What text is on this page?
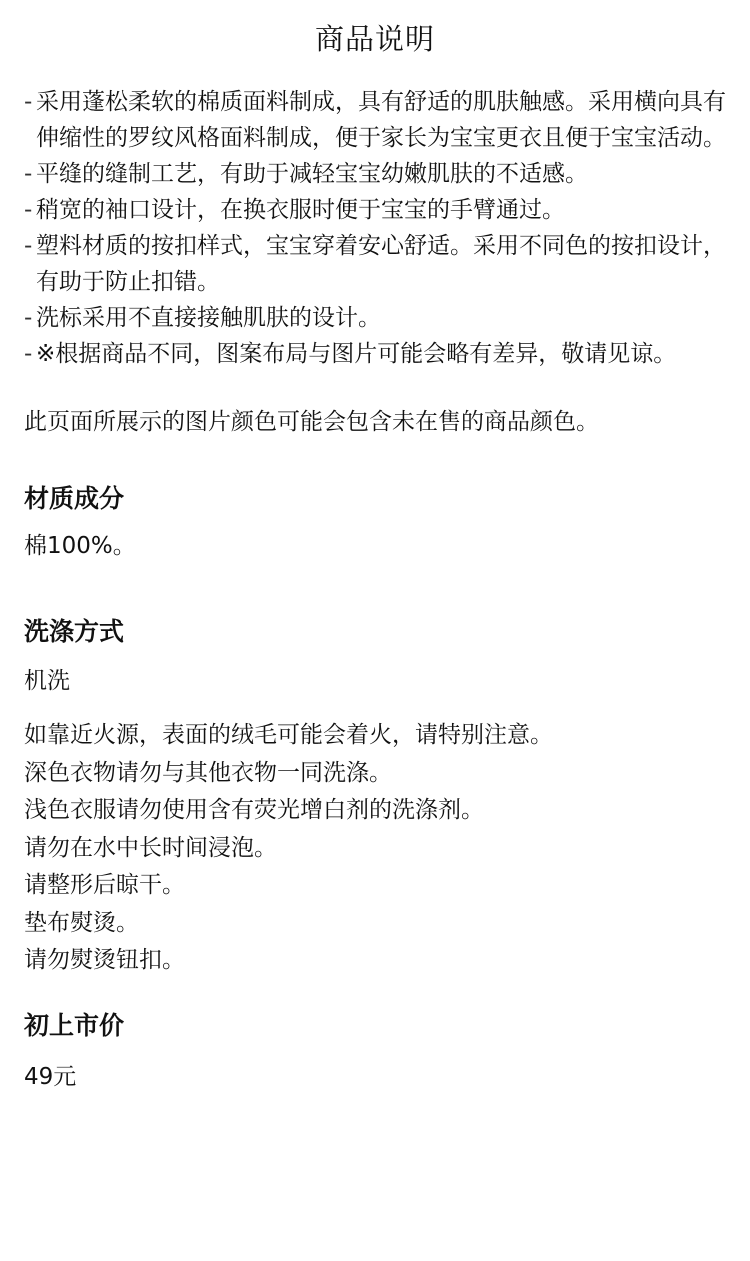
商品说明
- 采用蓬松柔软的棉质面料制成，具有舒适的肌肤触感。采用横向具有伸缩性的罗纹风格面料制成，便于家长为宝宝更衣且便于宝宝活动。
- 平缝的缝制工艺，有助于减轻宝宝幼嫩肌肤的不适感。
- 稍宽的袖口设计，在换衣服时便于宝宝的手臂通过。
- 塑料材质的按扣样式，宝宝穿着安心舒适。采用不同色的按扣设计，有助于防止扣错。
- 洗标采用不直接接触肌肤的设计。
- ※根据商品不同，图案布局与图片可能会略有差异，敬请见谅。

此页面所展示的图片颜色可能会包含未在售的商品颜色。

材质成分

棉100%。

洗涤方式

机洗

如靠近火源，表面的绒毛可能会着火，请特别注意。
深色衣物请勿与其他衣物一同洗涤。
浅色衣服请勿使用含有荧光增白剂的洗涤剂。
请勿在水中长时间浸泡。
请整形后晾干。
垫布熨烫。
请勿熨烫钮扣。
初上市价

49元
